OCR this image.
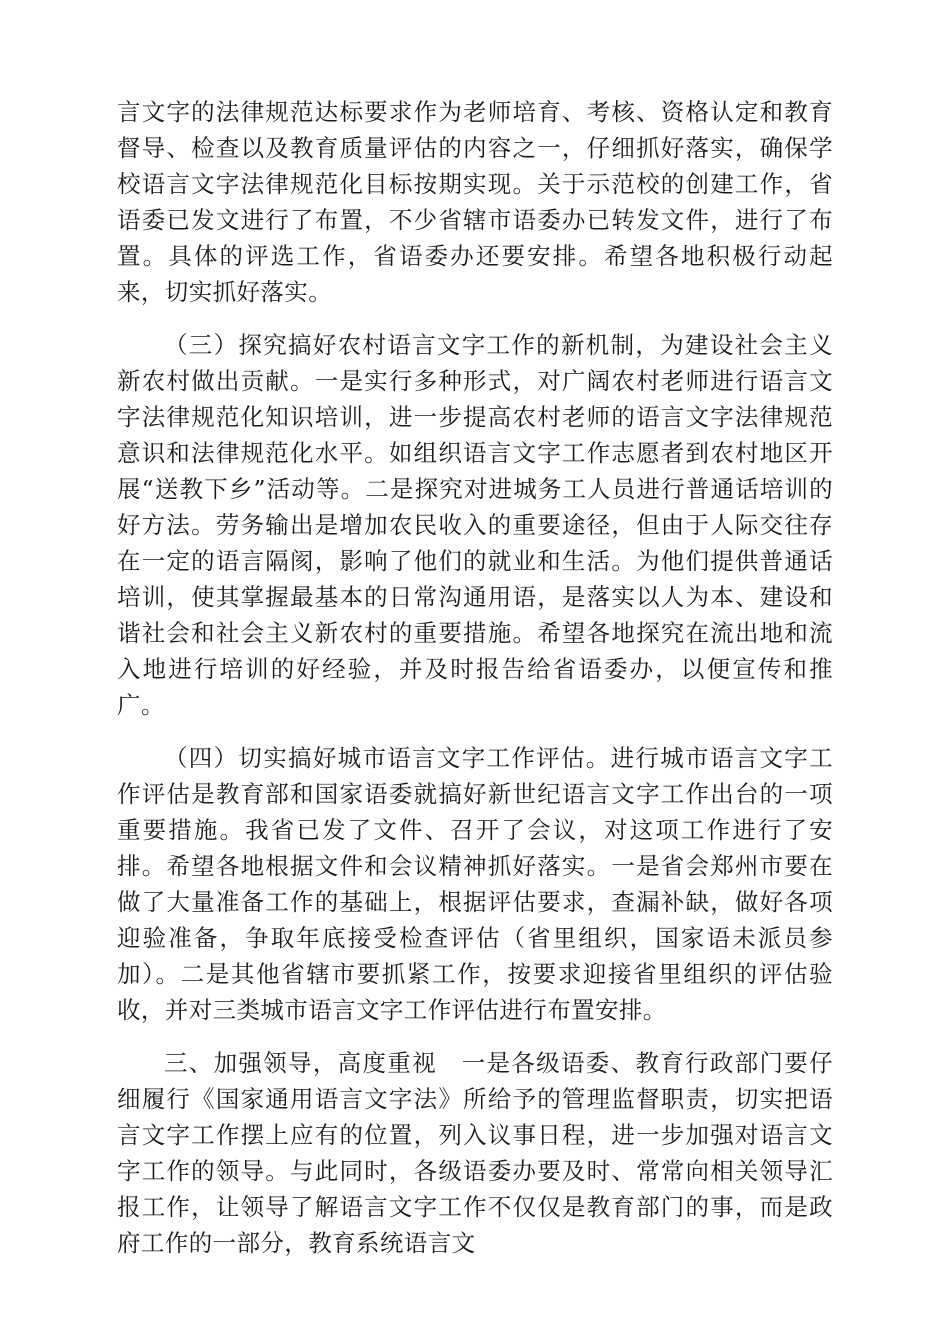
言文字的法律规范达标要求作为老师培育、考核、资格认定和教育督导、检查以及教育质量评估的内容之一，仔细抓好落实，确保学校语言文字法律规范化目标按期实现。关于示范校的创建工作，省语委已发文进行了布置，不少省辖市语委办已转发文件，进行了布置。具体的评选工作，省语委办还要安排。希望各地积极行动起来，切实抓好落实。

（三）探究搞好农村语言文字工作的新机制，为建设社会主义新农村做出贡献。一是实行多种形式，对广阔农村老师进行语言文字法律规范化知识培训，进一步提高农村老师的语言文字法律规范意识和法律规范化水平。如组织语言文字工作志愿者到农村地区开展“送教下乡”活动等。二是探究对进城务工人员进行普通话培训的好方法。劳务输出是增加农民收入的重要途径，但由于人际交往存在一定的语言隔阂，影响了他们的就业和生活。为他们提供普通话培训，使其掌握最基本的日常沟通用语，是落实以人为本、建设和谐社会和社会主义新农村的重要措施。希望各地探究在流出地和流入地进行培训的好经验，并及时报告给省语委办，以便宣传和推广。

（四）切实搞好城市语言文字工作评估。进行城市语言文字工作评估是教育部和国家语委就搞好新世纪语言文字工作出台的一项重要措施。我省已发了文件、召开了会议，对这项工作进行了安排。希望各地根据文件和会议精神抓好落实。一是省会郑州市要在做了大量准备工作的基础上，根据评估要求，查漏补缺，做好各项迎验准备，争取年底接受检查评估（省里组织，国家语未派员参加）。二是其他省辖市要抓紧工作，按要求迎接省里组织的评估验收，并对三类城市语言文字工作评估进行布置安排。

三、加强领导，高度重视　一是各级语委、教育行政部门要仔细履行《国家通用语言文字法》所给予的管理监督职责，切实把语言文字工作摆上应有的位置，列入议事日程，进一步加强对语言文字工作的领导。与此同时，各级语委办要及时、常常向相关领导汇报工作，让领导了解语言文字工作不仅仅是教育部门的事，而是政府工作的一部分，教育系统语言文
